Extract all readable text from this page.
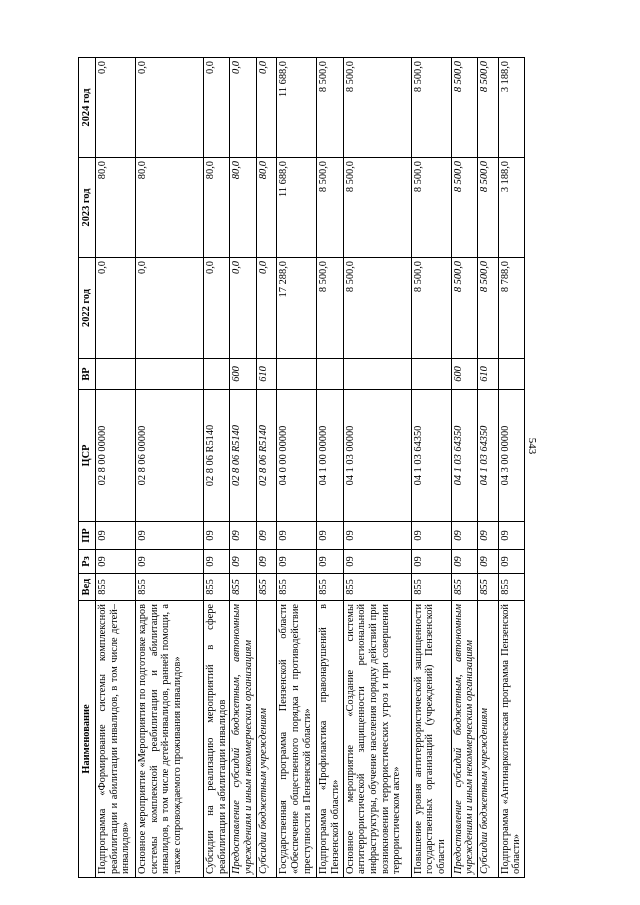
543
Наименование	Вед	Рз	ПР	ЦСР	ВР	2022 год	2023 год	2024 год
Подпрограмма «Формирование системы комплексной реабилитации и абилитации инвалидов, в том числе детей–инвалидов»	855	09	09	02 8 00 00000		0,0	80,0	0,0
Основное мероприятие «Мероприятия по подготовке кадров системы комплексной реабилитации и абилитации инвалидов, в том числе детей-инвалидов, ранней помощи, а также сопровождаемого проживания инвалидов»	855	09	09	02 8 06 00000		0,0	80,0	0,0
Субсидии на реализацию мероприятий в сфере реабилитации и абилитации инвалидов	855	09	09	02 8 06 R5140		0,0	80,0	0,0
Предоставление субсидий бюджетным, автономным учреждениям и иным некоммерческим организациям	855	09	09	02 8 06 R5140	600	0,0	80,0	0,0
Субсидии бюджетным учреждениям	855	09	09	02 8 06 R5140	610	0,0	80,0	0,0
Государственная программа Пензенской области «Обеспечение общественного порядка и противодействие преступности в Пензенской области»	855	09	09	04 0 00 00000		17 288,0	11 688,0	11 688,0
Подпрограмма «Профилактика правонарушений в Пензенской области»	855	09	09	04 1 00 00000		8 500,0	8 500,0	8 500,0
Основное мероприятие «Создание системы антитеррористической защищенности региональной инфраструктуры, обучение населения порядку действий при возникновении террористических угроз и при совершении террористическом акте»	855	09	09	04 1 03 00000		8 500,0	8 500,0	8 500,0
Повышение уровня антитеррористической защищенности государственных организаций (учреждений) Пензенской области	855	09	09	04 1 03 64350		8 500,0	8 500,0	8 500,0
Предоставление субсидий бюджетным, автономным учреждениям и иным некоммерческим организациям	855	09	09	04 1 03 64350	600	8 500,0	8 500,0	8 500,0
Субсидии бюджетным учреждениям	855	09	09	04 1 03 64350	610	8 500,0	8 500,0	8 500,0
Подпрограмма «Антинаркотическая программа Пензенской области»	855	09	09	04 3 00 00000		8 788,0	3 188,0	3 188,0
